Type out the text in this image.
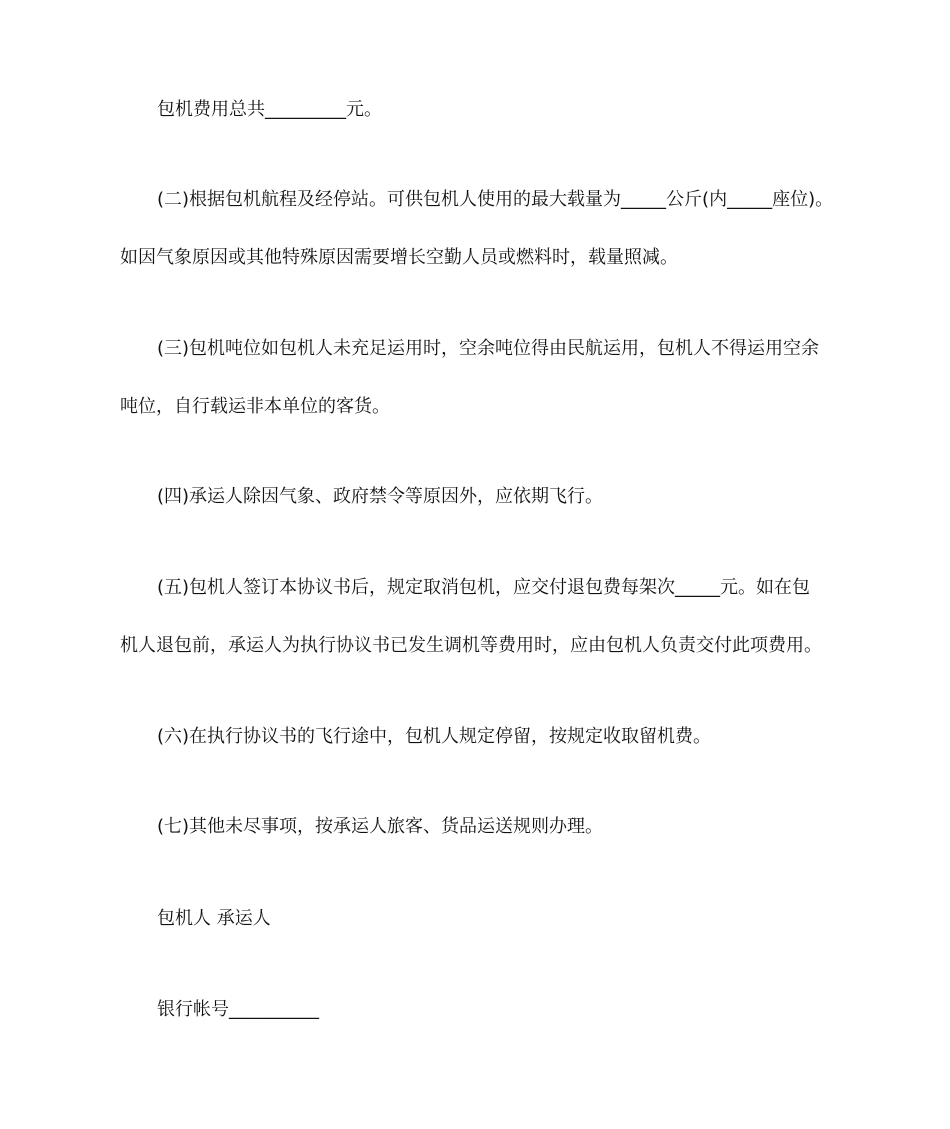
包机费用总共_________元。

(二)根据包机航程及经停站。可供包机人使用的最大载量为_____公斤(内_____座位)。
如因气象原因或其他特殊原因需要增长空勤人员或燃料时，载量照减。

(三)包机吨位如包机人未充足运用时，空余吨位得由民航运用，包机人不得运用空余
吨位，自行载运非本单位的客货。

(四)承运人除因气象、政府禁令等原因外，应依期飞行。

(五)包机人签订本协议书后，规定取消包机，应交付退包费每架次_____元。如在包
机人退包前，承运人为执行协议书已发生调机等费用时，应由包机人负责交付此项费用。

(六)在执行协议书的飞行途中，包机人规定停留，按规定收取留机费。

(七)其他未尽事项，按承运人旅客、货品运送规则办理。

包机人 承运人

银行帐号__________
